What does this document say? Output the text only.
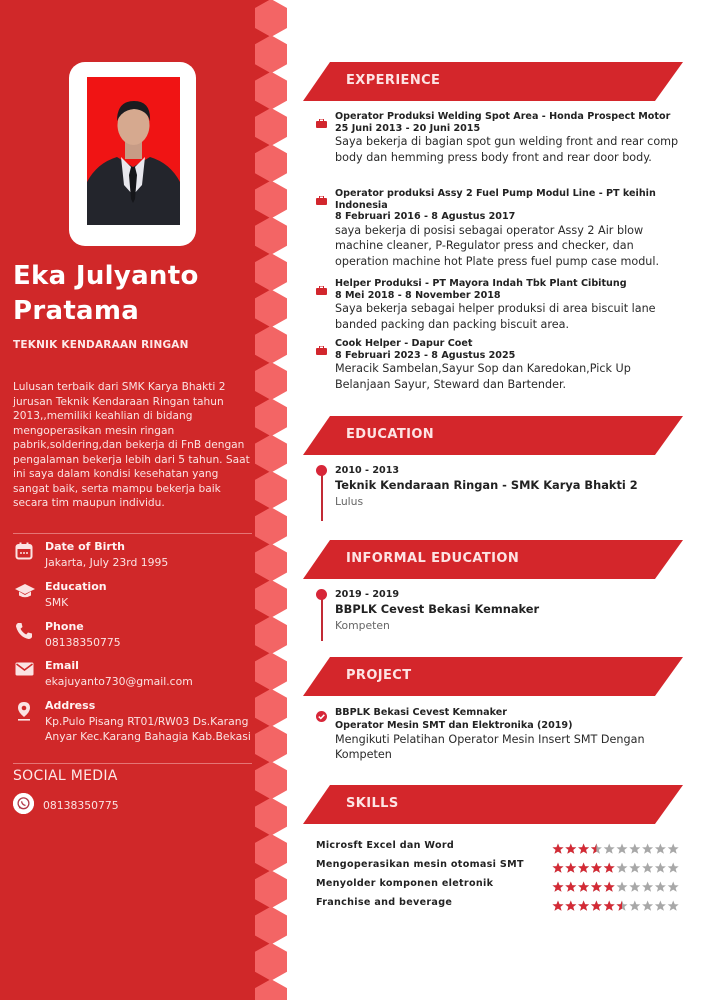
Eka Julyanto
Pratama
TEKNIK KENDARAAN RINGAN
Lulusan terbaik dari SMK Karya Bhakti 2 jurusan Teknik Kendaraan Ringan tahun 2013,,memiliki keahlian di bidang mengoperasikan mesin ringan pabrik,soldering,dan bekerja di FnB dengan pengalaman bekerja lebih dari 5 tahun. Saat ini saya dalam kondisi kesehatan yang sangat baik, serta mampu bekerja baik secara tim maupun individu.
Date of Birth
Jakarta, July 23rd 1995
Education
SMK
Phone
08138350775
Email
ekajuyanto730@gmail.com
Address
Kp.Pulo Pisang RT01/RW03 Ds.Karang Anyar Kec.Karang Bahagia Kab.Bekasi
SOCIAL MEDIA
08138350775
EXPERIENCE
Operator Produksi Welding Spot Area - Honda Prospect Motor
25 Juni 2013 - 20 Juni 2015
Saya bekerja di bagian spot gun welding front and rear comp body dan hemming press body front and rear door body.
Operator produksi Assy 2 Fuel Pump Modul Line - PT keihin Indonesia
8 Februari 2016 - 8 Agustus 2017
saya bekerja di posisi sebagai operator Assy 2 Air blow machine cleaner, P-Regulator press and checker, dan operation machine hot Plate press fuel pump case modul.
Helper Produksi - PT Mayora Indah Tbk Plant Cibitung
8 Mei 2018 - 8 November 2018
Saya bekerja sebagai helper produksi di area biscuit lane banded packing dan packing biscuit area.
Cook Helper - Dapur Coet
8 Februari 2023 - 8 Agustus 2025
Meracik Sambelan,Sayur Sop dan Karedokan,Pick Up Belanjaan Sayur, Steward dan Bartender.
EDUCATION
2010 - 2013
Teknik Kendaraan Ringan - SMK Karya Bhakti 2
Lulus
INFORMAL EDUCATION
2019 - 2019
BBPLK Cevest Bekasi Kemnaker
Kompeten
PROJECT
BBPLK Bekasi Cevest Kemnaker
Operator Mesin SMT dan Elektronika (2019)
Mengikuti Pelatihan Operator Mesin Insert SMT Dengan Kompeten
SKILLS
Microsft Excel dan Word
Mengoperasikan mesin otomasi SMT
Menyolder komponen eletronik
Franchise and beverage
